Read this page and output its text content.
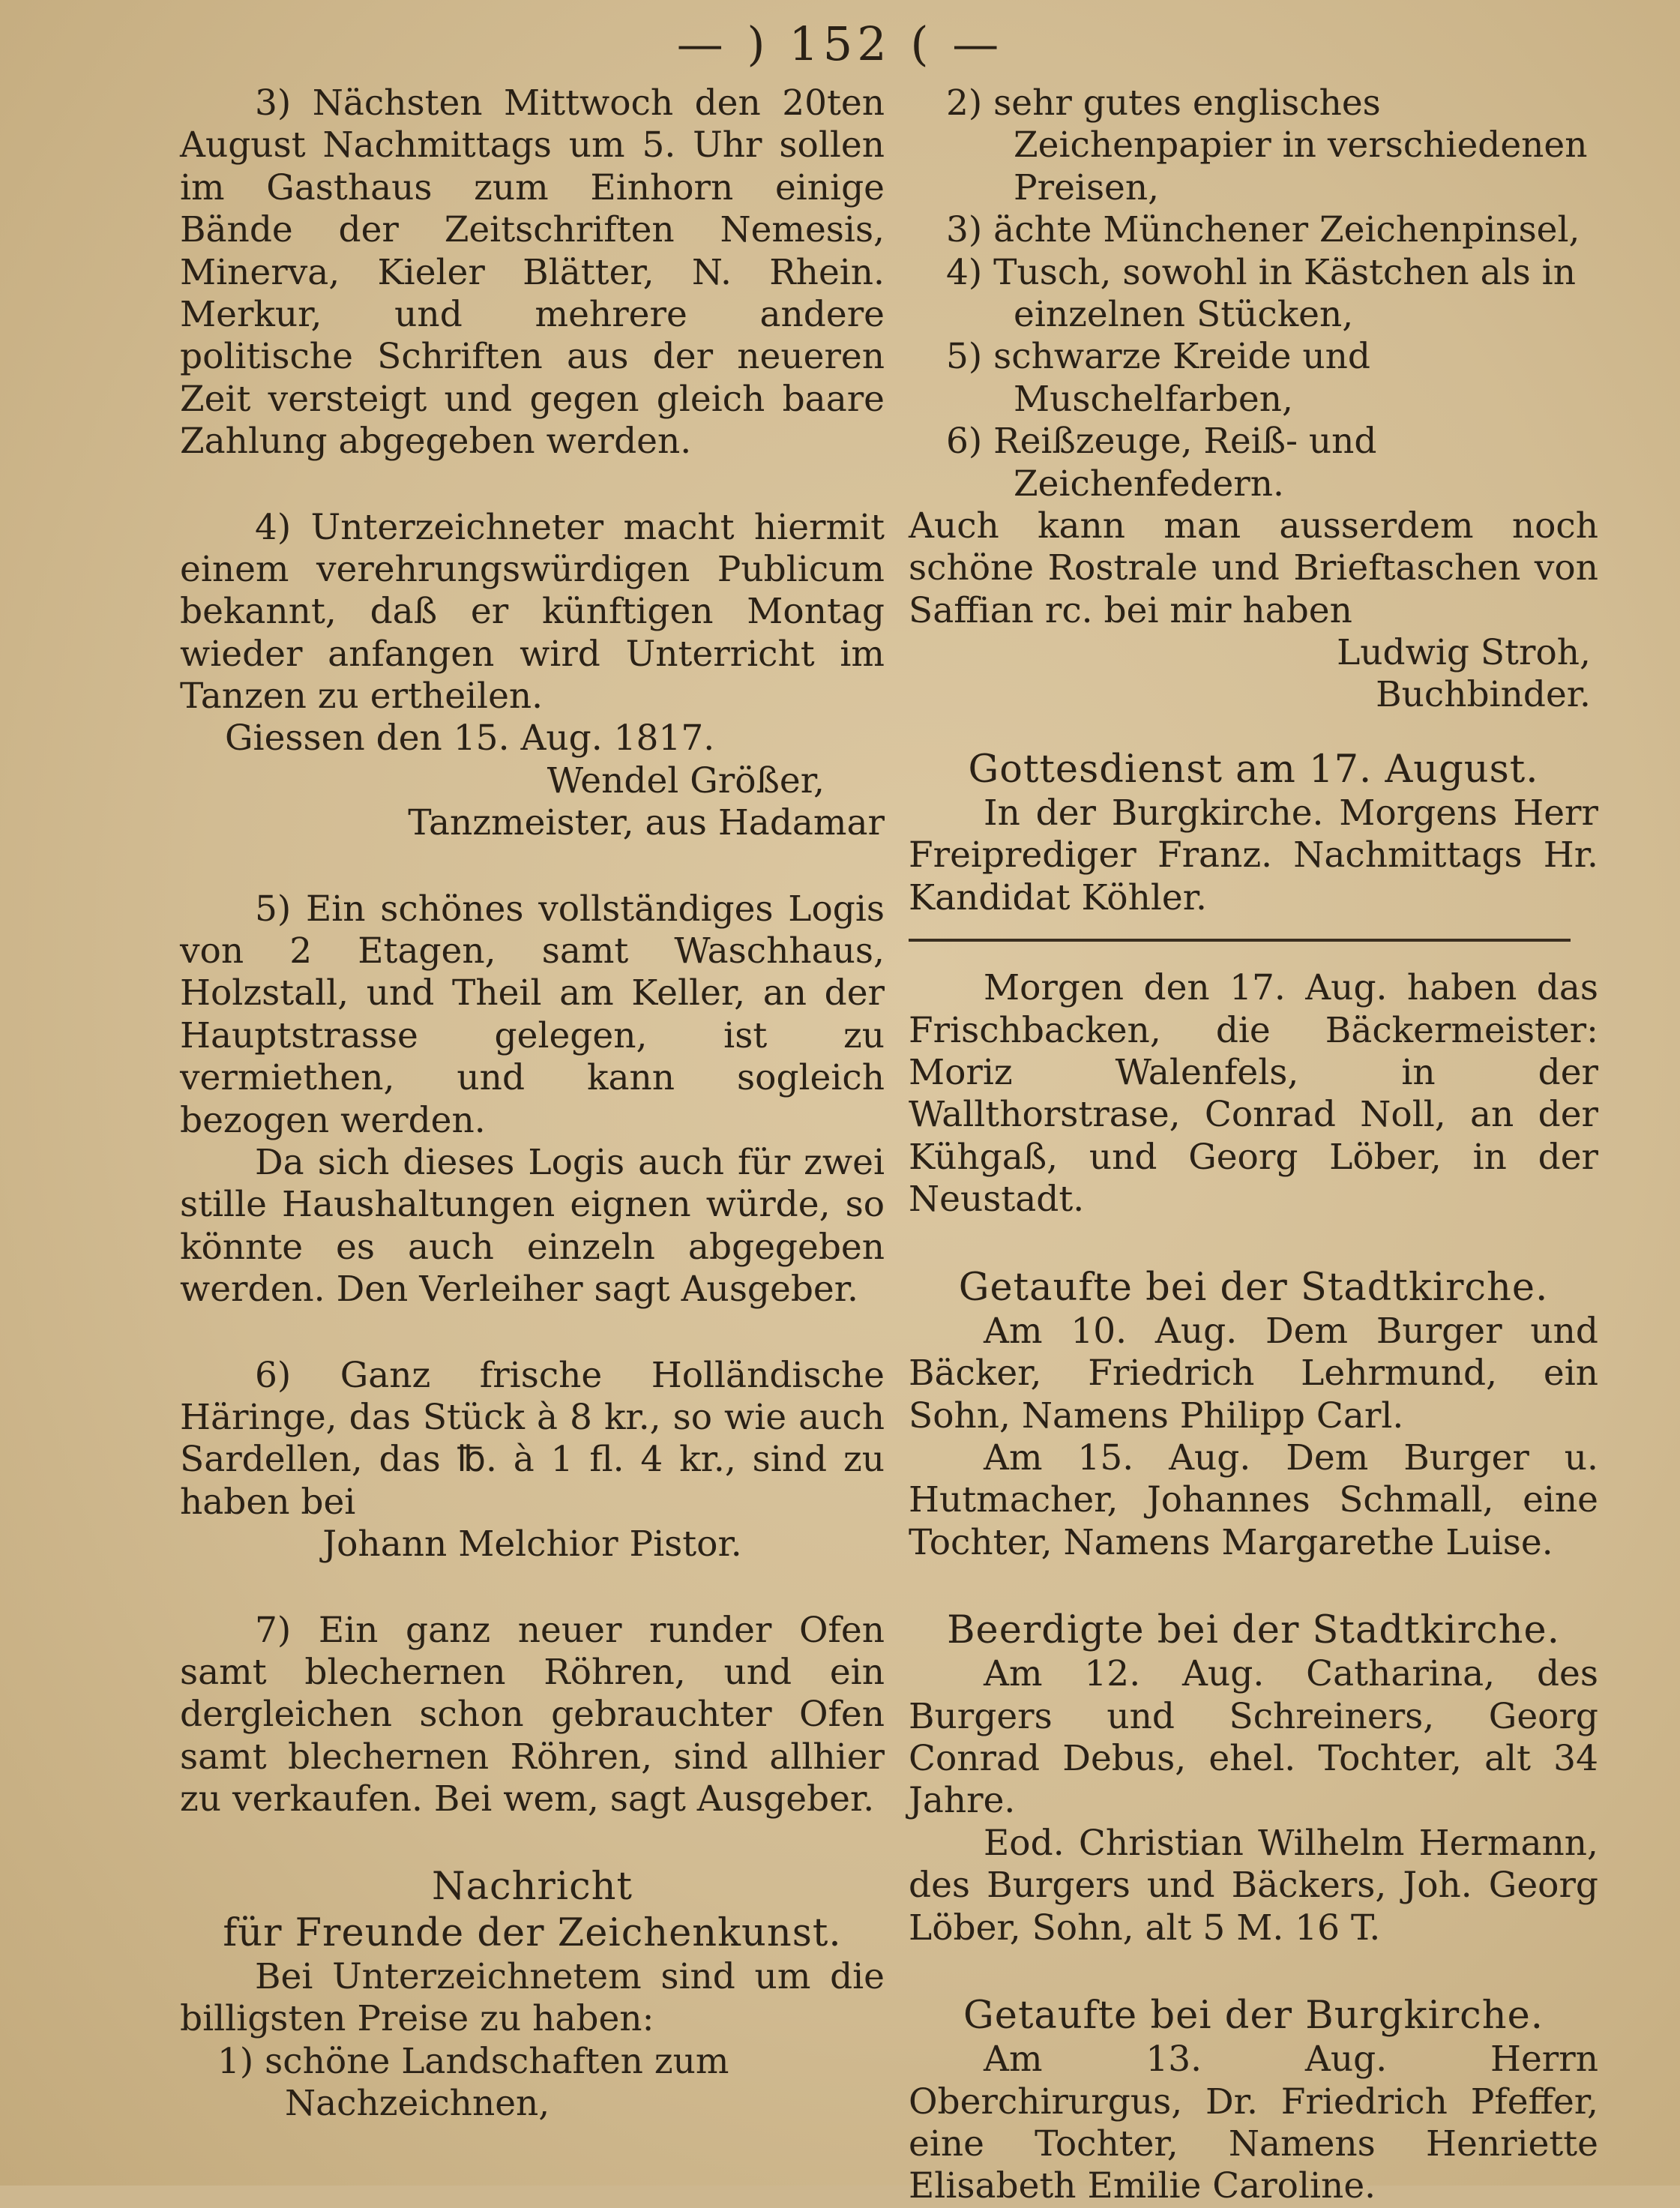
— ) 152 ( —

3) Nächsten Mittwoch den 20ten August Nachmittags um 5. Uhr sollen im Gasthaus zum Einhorn einige Bände der Zeitschriften Nemesis, Minerva, Kieler Blätter, N. Rhein. Merkur, und mehrere andere politische Schriften aus der neueren Zeit versteigt und gegen gleich baare Zahlung abgegeben werden.

4) Unterzeichneter macht hiermit einem verehrungswürdigen Publicum bekannt, daß er künftigen Montag wieder anfangen wird Unterricht im Tanzen zu ertheilen.

Giessen den 15. Aug. 1817.

Wendel Größer,

Tanzmeister, aus Hadamar

5) Ein schönes vollständiges Logis von 2 Etagen, samt Waschhaus, Holzstall, und Theil am Keller, an der Hauptstrasse gelegen, ist zu vermiethen, und kann sogleich bezogen werden.

Da sich dieses Logis auch für zwei stille Haushaltungen eignen würde, so könnte es auch einzeln abgegeben werden. Den Verleiher sagt Ausgeber.

6) Ganz frische Holländische Häringe, das Stück à 8 kr., so wie auch Sardellen, das ℔. à 1 fl. 4 kr., sind zu haben bei

Johann Melchior Pistor.

7) Ein ganz neuer runder Ofen samt blechernen Röhren, und ein dergleichen schon gebrauchter Ofen samt blechernen Röhren, sind allhier zu verkaufen. Bei wem, sagt Ausgeber.

Nachricht

für Freunde der Zeichenkunst.

Bei Unterzeichnetem sind um die billigsten Preise zu haben:

1) schöne Landschaften zum Nachzeichnen,

2) sehr gutes englisches Zeichenpapier in verschiedenen Preisen,

3) ächte Münchener Zeichenpinsel,

4) Tusch, sowohl in Kästchen als in einzelnen Stücken,

5) schwarze Kreide und Muschelfarben,

6) Reißzeuge, Reiß- und Zeichenfedern.

Auch kann man ausserdem noch schöne Rostrale und Brieftaschen von Saffian rc. bei mir haben

Ludwig Stroh,

Buchbinder.

Gottesdienst am 17. August.

In der Burgkirche. Morgens Herr Freiprediger Franz. Nachmittags Hr. Kandidat Köhler.

Morgen den 17. Aug. haben das Frischbacken, die Bäckermeister: Moriz Walenfels, in der Wallthorstrase, Conrad Noll, an der Kühgaß, und Georg Löber, in der Neustadt.

Getaufte bei der Stadtkirche.

Am 10. Aug. Dem Burger und Bäcker, Friedrich Lehrmund, ein Sohn, Namens Philipp Carl.

Am 15. Aug. Dem Burger u. Hutmacher, Johannes Schmall, eine Tochter, Namens Margarethe Luise.

Beerdigte bei der Stadtkirche.

Am 12. Aug. Catharina, des Burgers und Schreiners, Georg Conrad Debus, ehel. Tochter, alt 34 Jahre.

Eod. Christian Wilhelm Hermann, des Burgers und Bäckers, Joh. Georg Löber, Sohn, alt 5 M. 16 T.

Getaufte bei der Burgkirche.

Am 13. Aug. Herrn Oberchirurgus, Dr. Friedrich Pfeffer, eine Tochter, Namens Henriette Elisabeth Emilie Caroline.
